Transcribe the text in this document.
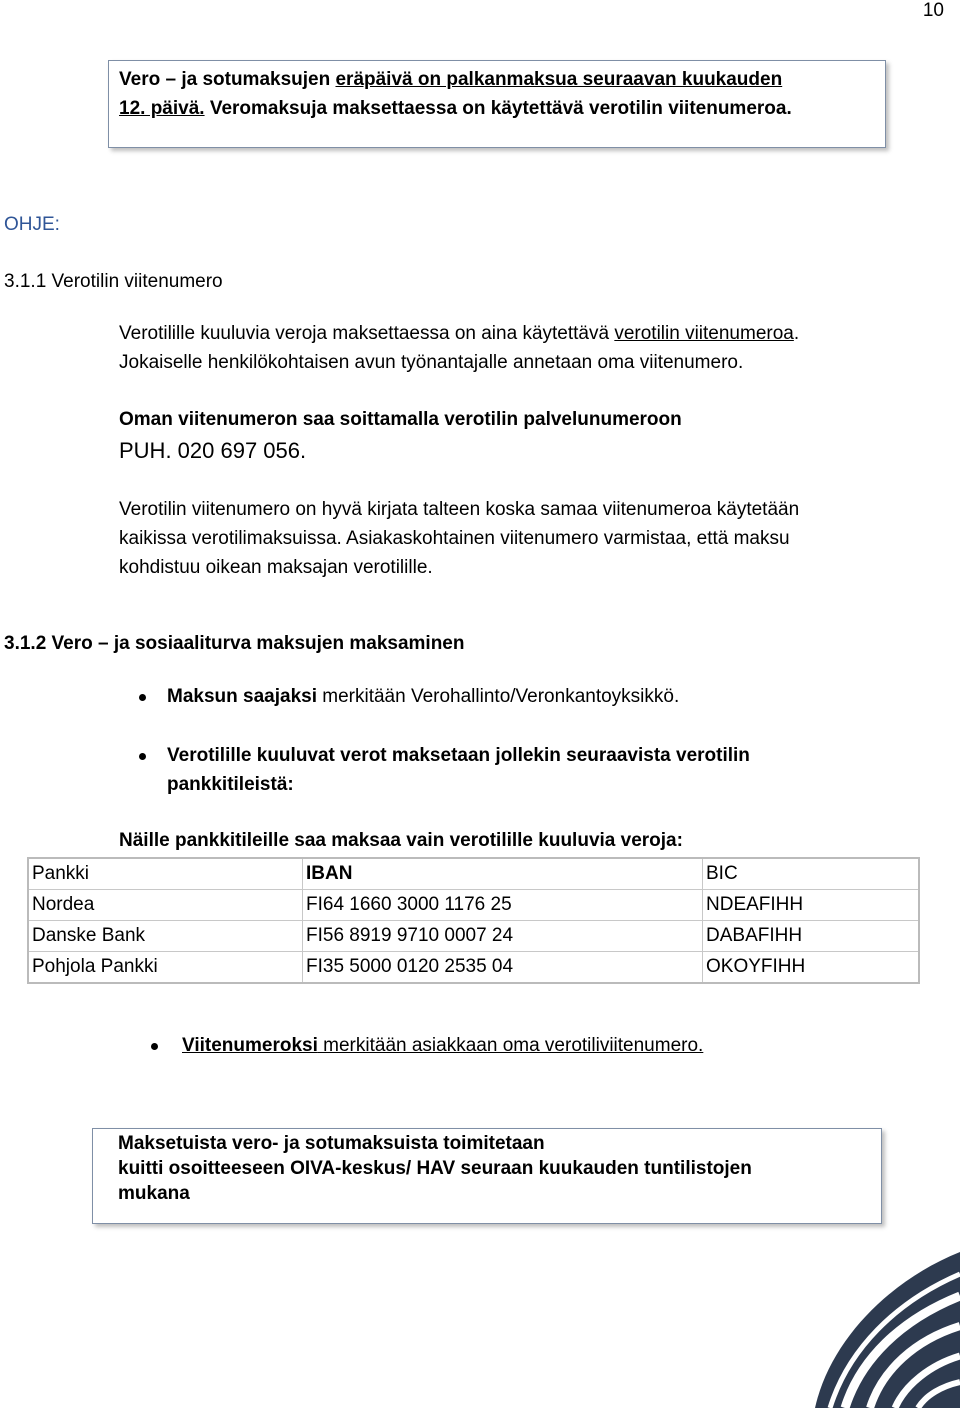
10
Vero – ja sotumaksujen eräpäivä on palkanmaksua seuraavan kuukauden
12. päivä. Veromaksuja maksettaessa on käytettävä verotilin viitenumeroa.
OHJE:
3.1.1 Verotilin viitenumero
Verotilille kuuluvia veroja maksettaessa on aina käytettävä verotilin viitenumeroa.
Jokaiselle henkilökohtaisen avun työnantajalle annetaan oma viitenumero.
Oman viitenumeron saa soittamalla verotilin palvelunumeroon
PUH. 020 697 056.
Verotilin viitenumero on hyvä kirjata talteen koska samaa viitenumeroa käytetään
kaikissa verotilimaksuissa. Asiakaskohtainen viitenumero varmistaa, että maksu
kohdistuu oikean maksajan verotilille.
3.1.2 Vero – ja sosiaaliturva maksujen maksaminen
Maksun saajaksi merkitään Verohallinto/Veronkantoyksikkö.
Verotilille kuuluvat verot maksetaan jollekin seuraavista verotilin
pankkitileistä:
Näille pankkitileille saa maksaa vain verotilille kuuluvia veroja:
Pankki	IBAN	BIC
Nordea	FI64 1660 3000 1176 25	NDEAFIHH
Danske Bank	FI56 8919 9710 0007 24	DABAFIHH
Pohjola Pankki	FI35 5000 0120 2535 04	OKOYFIHH
Viitenumeroksi merkitään asiakkaan oma verotiliviitenumero.
Maksetuista vero- ja sotumaksuista toimitetaan
kuitti osoitteeseen OIVA-keskus/ HAV seuraan kuukauden tuntilistojen
mukana
